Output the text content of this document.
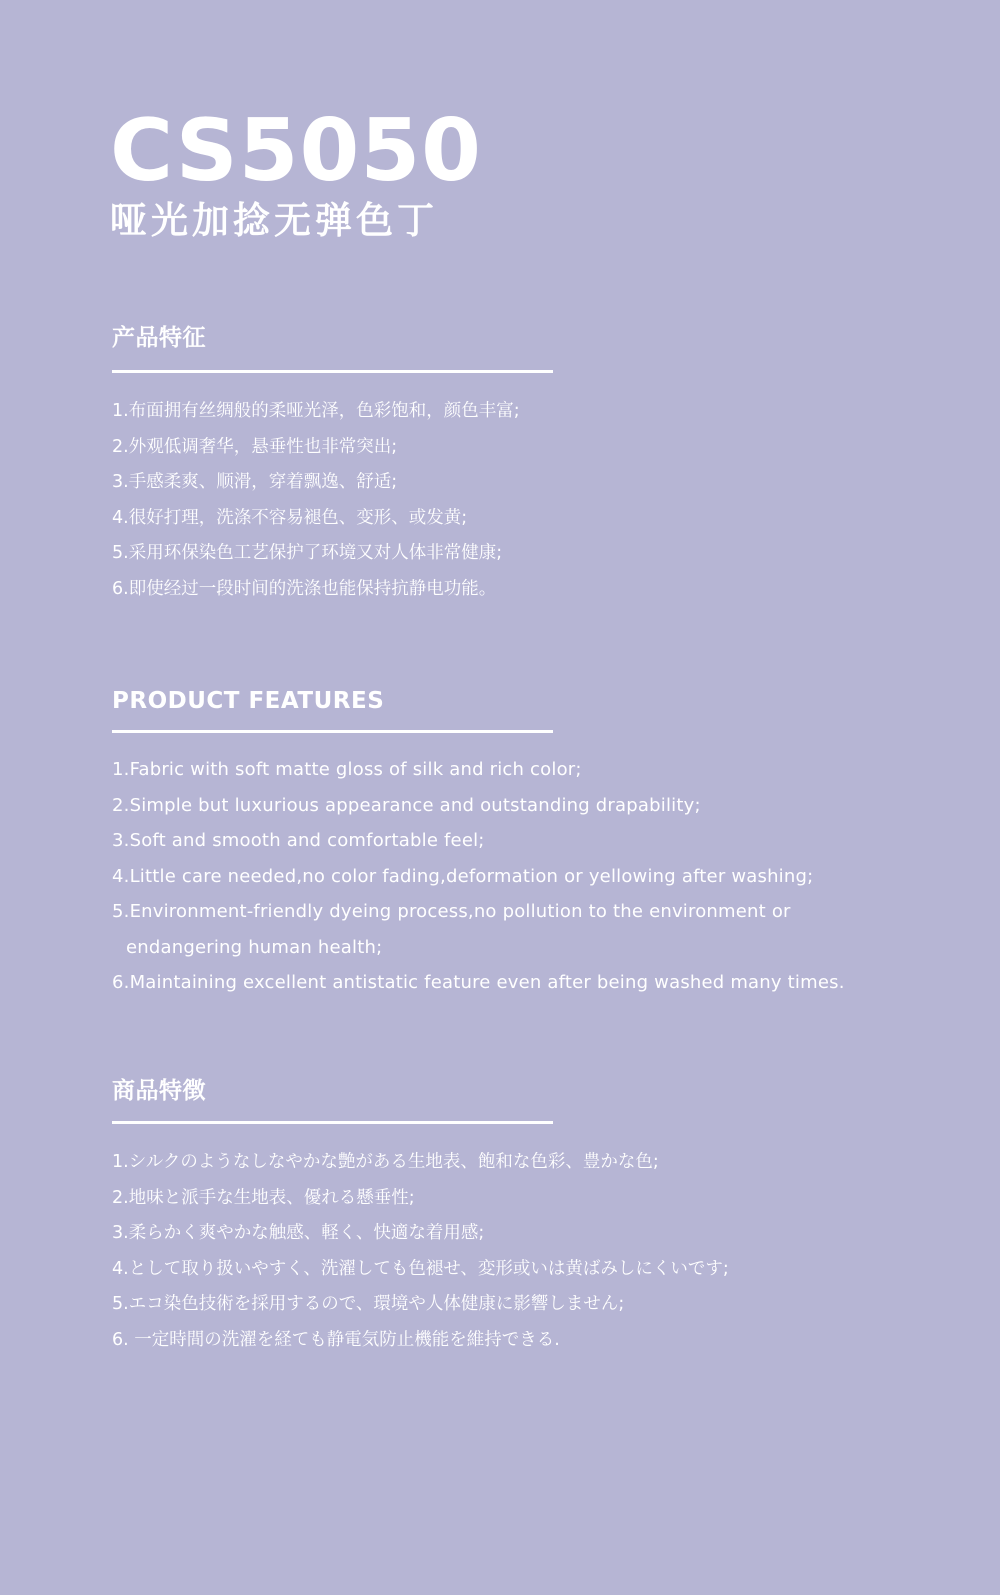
CS5050
哑光加捻无弹色丁
产品特征
1.布面拥有丝绸般的柔哑光泽，色彩饱和，颜色丰富;
2.外观低调奢华，悬垂性也非常突出;
3.手感柔爽、顺滑，穿着飘逸、舒适;
4.很好打理，洗涤不容易褪色、变形、或发黄;
5.采用环保染色工艺保护了环境又对人体非常健康;
6.即使经过一段时间的洗涤也能保持抗静电功能。
PRODUCT FEATURES
1.Fabric with soft matte gloss of silk and rich color;
2.Simple but luxurious appearance and outstanding drapability;
3.Soft and smooth and comfortable feel;
4.Little care needed,no color fading,deformation or yellowing after washing;
5.Environment-friendly dyeing process,no pollution to the environment or endangering human health;
6.Maintaining excellent antistatic feature even after being washed many times.
商品特徴
1.シルクのようなしなやかな艶がある生地表、飽和な色彩、豊かな色;
2.地味と派手な生地表、優れる懸垂性;
3.柔らかく爽やかな触感、軽く、快適な着用感;
4.として取り扱いやすく、洗濯しても色褪せ、変形或いは黄ばみしにくいです;
5.エコ染色技術を採用するので、環境や人体健康に影響しません;
6. 一定時間の洗濯を経ても静電気防止機能を維持できる.
